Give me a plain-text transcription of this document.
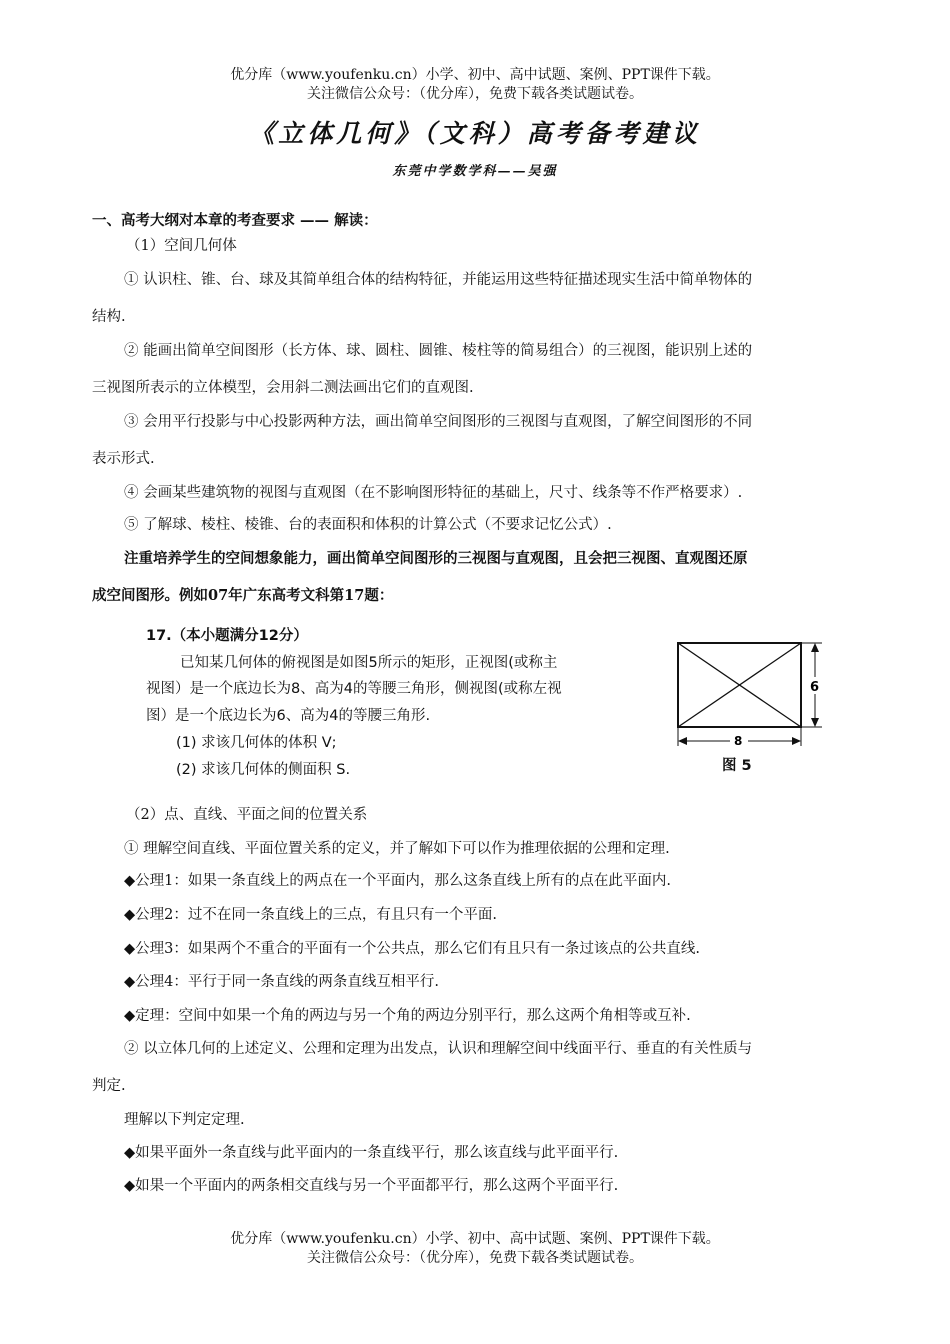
优分库（www.youfenku.cn）小学、初中、高中试题、案例、PPT课件下载。
关注微信公众号：（优分库），免费下载各类试题试卷。
《立体几何》（文科）高考备考建议
东莞中学数学科——吴强
一、高考大纲对本章的考查要求 —— 解读：
（1）空间几何体
① 认识柱、锥、台、球及其简单组合体的结构特征，并能运用这些特征描述现实生活中简单物体的
结构.
② 能画出简单空间图形（长方体、球、圆柱、圆锥、棱柱等的简易组合）的三视图，能识别上述的
三视图所表示的立体模型，会用斜二测法画出它们的直观图.
③ 会用平行投影与中心投影两种方法，画出简单空间图形的三视图与直观图，了解空间图形的不同
表示形式.
④ 会画某些建筑物的视图与直观图（在不影响图形特征的基础上，尺寸、线条等不作严格要求）.
⑤ 了解球、棱柱、棱锥、台的表面积和体积的计算公式（不要求记忆公式）.
注重培养学生的空间想象能力，画出简单空间图形的三视图与直观图，且会把三视图、直观图还原
成空间图形。例如07年广东高考文科第17题：
17.（本小题满分12分）
已知某几何体的俯视图是如图5所示的矩形，正视图(或称主
视图）是一个底边长为8、高为4的等腰三角形，侧视图(或称左视
图）是一个底边长为6、高为4的等腰三角形.
(1) 求该几何体的体积 V;
(2) 求该几何体的侧面积 S.
6
8
图 5
（2）点、直线、平面之间的位置关系
① 理解空间直线、平面位置关系的定义，并了解如下可以作为推理依据的公理和定理.
◆公理1：如果一条直线上的两点在一个平面内，那么这条直线上所有的点在此平面内.
◆公理2：过不在同一条直线上的三点，有且只有一个平面.
◆公理3：如果两个不重合的平面有一个公共点，那么它们有且只有一条过该点的公共直线.
◆公理4：平行于同一条直线的两条直线互相平行.
◆定理：空间中如果一个角的两边与另一个角的两边分别平行，那么这两个角相等或互补.
② 以立体几何的上述定义、公理和定理为出发点，认识和理解空间中线面平行、垂直的有关性质与
判定.
理解以下判定定理.
◆如果平面外一条直线与此平面内的一条直线平行，那么该直线与此平面平行.
◆如果一个平面内的两条相交直线与另一个平面都平行，那么这两个平面平行.
优分库（www.youfenku.cn）小学、初中、高中试题、案例、PPT课件下载。
关注微信公众号：（优分库），免费下载各类试题试卷。
